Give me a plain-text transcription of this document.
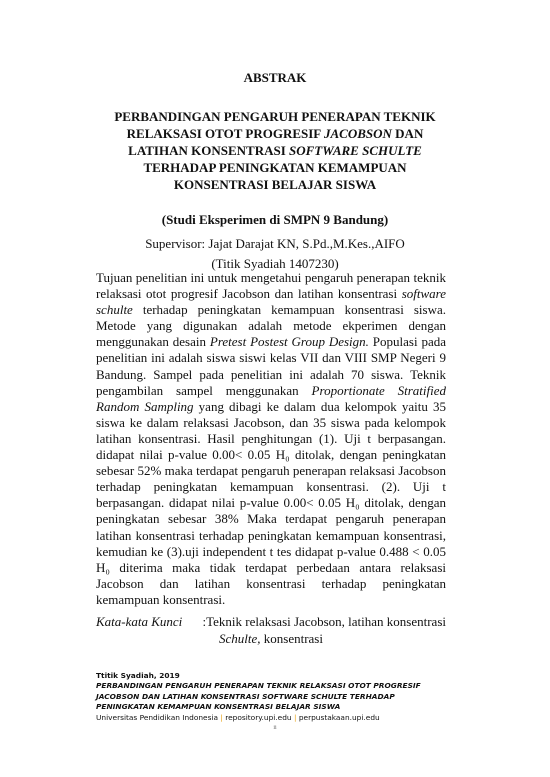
ABSTRAK
PERBANDINGAN PENGARUH PENERAPAN TEKNIK
RELAKSASI OTOT PROGRESIF JACOBSON DAN
LATIHAN KONSENTRASI SOFTWARE SCHULTE
TERHADAP PENINGKATAN KEMAMPUAN
KONSENTRASI BELAJAR SISWA
(Studi Eksperimen di SMPN 9 Bandung)
Supervisor: Jajat Darajat KN, S.Pd.,M.Kes.,AIFO
(Titik Syadiah 1407230)
Tujuan penelitian ini untuk mengetahui pengaruh penerapan teknik relaksasi otot progresif Jacobson dan latihan konsentrasi software schulte terhadap peningkatan kemampuan konsentrasi siswa. Metode yang digunakan adalah metode ekperimen dengan menggunakan desain Pretest Postest Group Design. Populasi pada penelitian ini adalah siswa siswi kelas VII dan VIII SMP Negeri 9 Bandung. Sampel pada penelitian ini adalah 70 siswa. Teknik pengambilan sampel menggunakan Proportionate Stratified Random Sampling yang dibagi ke dalam dua kelompok yaitu 35 siswa ke dalam relaksasi Jacobson, dan 35 siswa pada kelompok latihan konsentrasi. Hasil penghitungan (1). Uji t berpasangan. didapat nilai p-value 0.00< 0.05 H₀ ditolak, dengan peningkatan sebesar 52% maka terdapat pengaruh penerapan relaksasi Jacobson terhadap peningkatan kemampuan konsentrasi. (2). Uji t berpasangan. didapat nilai p-value 0.00< 0.05 H₀ ditolak, dengan peningkatan sebesar 38% Maka terdapat pengaruh penerapan latihan konsentrasi terhadap peningkatan kemampuan konsentrasi, kemudian ke (3).uji independent t tes didapat p-value 0.488 < 0.05 H₀ diterima maka tidak terdapat perbedaan antara relaksasi Jacobson dan latihan konsentrasi terhadap peningkatan kemampuan konsentrasi.
Kata-kata Kunci :Teknik relaksasi Jacobson, latihan konsentrasi
Schulte, konsentrasi
Ttitik Syadiah, 2019
PERBANDINGAN PENGARUH PENERAPAN TEKNIK RELAKSASI OTOT PROGRESIF
JACOBSON DAN LATIHAN KONSENTRASI SOFTWARE SCHULTE TERHADAP
PENINGKATAN KEMAMPUAN KONSENTRASI BELAJAR SISWA
Universitas Pendidikan Indonesia | repository.upi.edu | perpustakaan.upi.edu
ii
